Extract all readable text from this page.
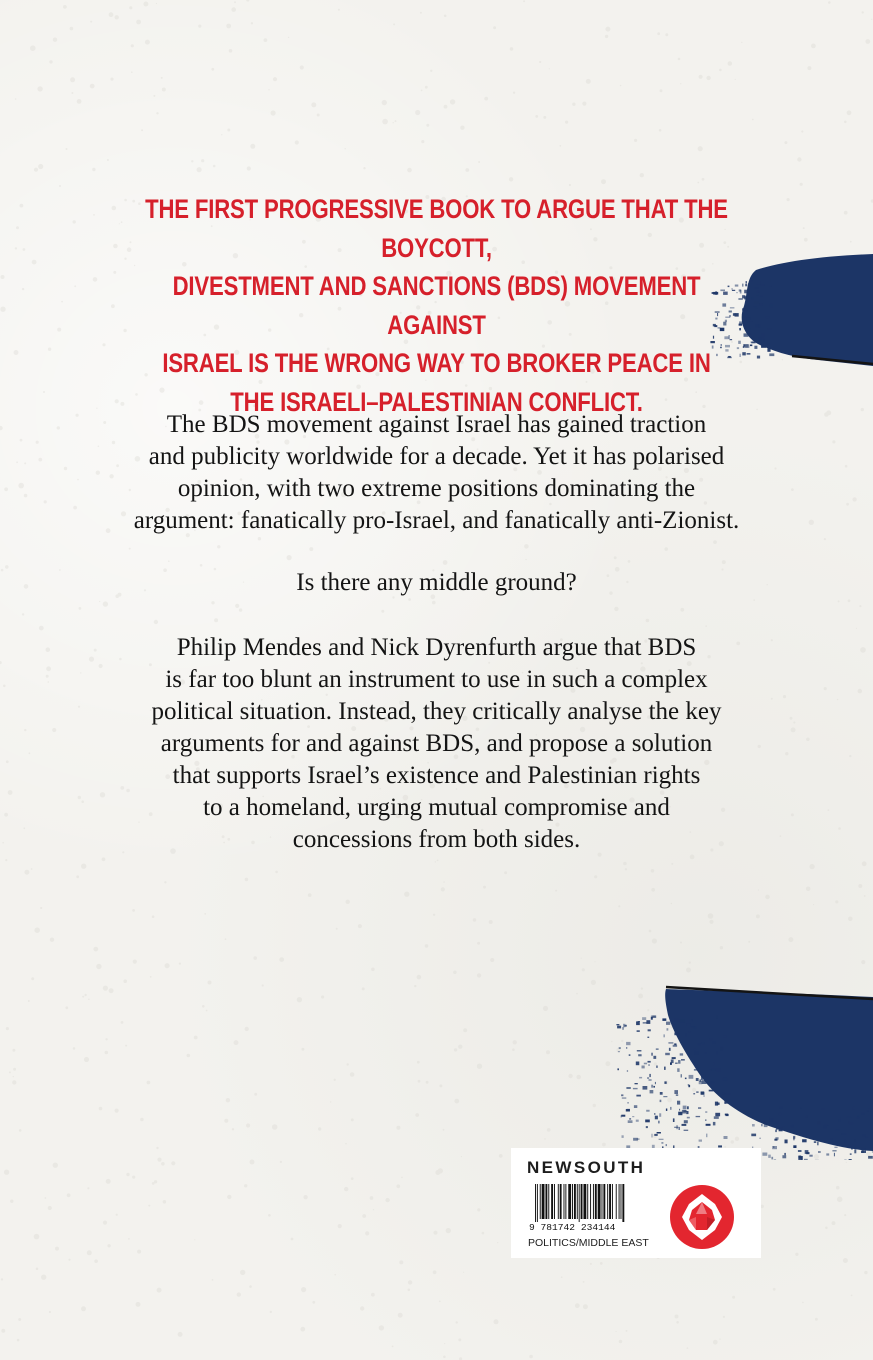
THE FIRST PROGRESSIVE BOOK TO ARGUE THAT THE BOYCOTT,
DIVESTMENT AND SANCTIONS (BDS) MOVEMENT AGAINST
ISRAEL IS THE WRONG WAY TO BROKER PEACE IN
THE ISRAELI–PALESTINIAN CONFLICT.

The BDS movement against Israel has gained traction
and publicity worldwide for a decade. Yet it has polarised
opinion, with two extreme positions dominating the
argument: fanatically pro-Israel, and fanatically anti-Zionist.

Is there any middle ground?

Philip Mendes and Nick Dyrenfurth argue that BDS
is far too blunt an instrument to use in such a complex
political situation. Instead, they critically analyse the key
arguments for and against BDS, and propose a solution
that supports Israel’s existence and Palestinian rights
to a homeland, urging mutual compromise and
concessions from both sides.

NEWSOUTH

9 781742 234144

POLITICS/MIDDLE EAST
